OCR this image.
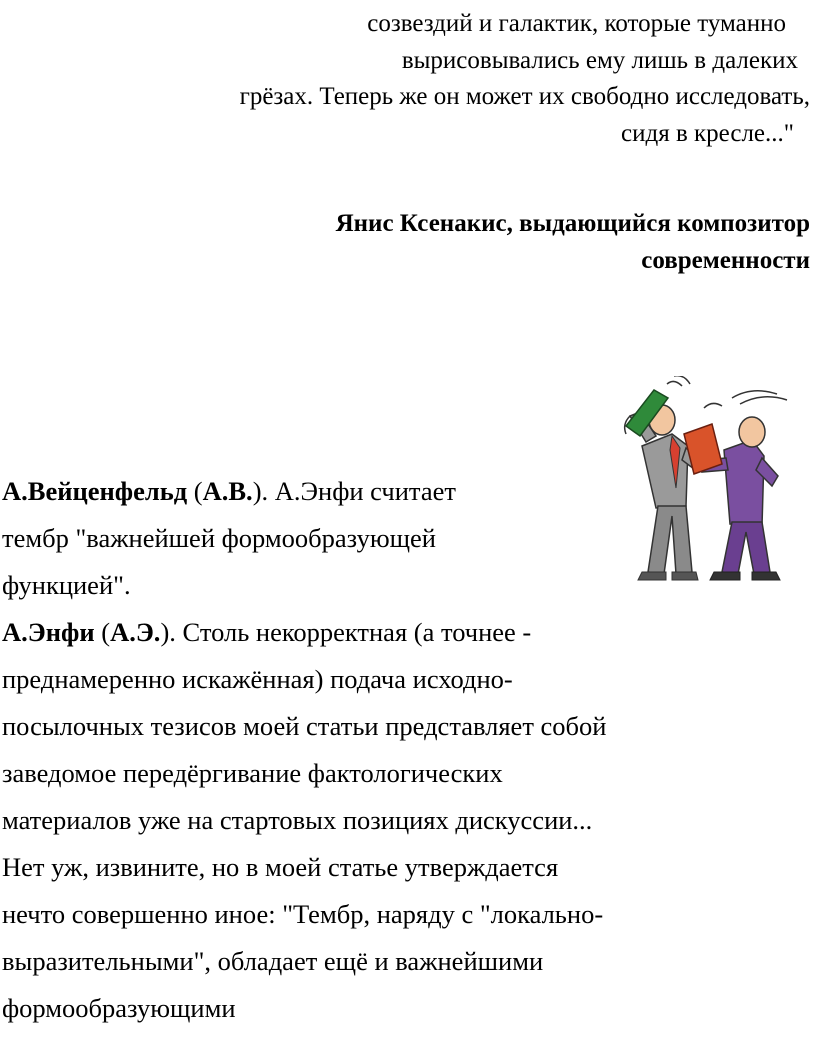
созвездий и галактик, которые туманно
вырисовывались ему лишь в далеких
грёзах. Теперь же он может их свободно исследовать,
сидя в кресле..."
Янис Ксенакис, выдающийся композитор
современности
А.Вейценфельд (А.В.). А.Энфи считает
тембр "важнейшей формообразующей
функцией".
А.Энфи (А.Э.). Столь некорректная (а точнее -
преднамеренно искажённая) подача исходно-
посылочных тезисов моей статьи представляет собой
заведомое передёргивание фактологических
материалов уже на стартовых позициях дискуссии...
Нет уж, извините, но в моей статье утверждается
нечто совершенно иное: "Тембр, наряду с "локально-
выразительными", обладает ещё и важнейшими
формообразующими
